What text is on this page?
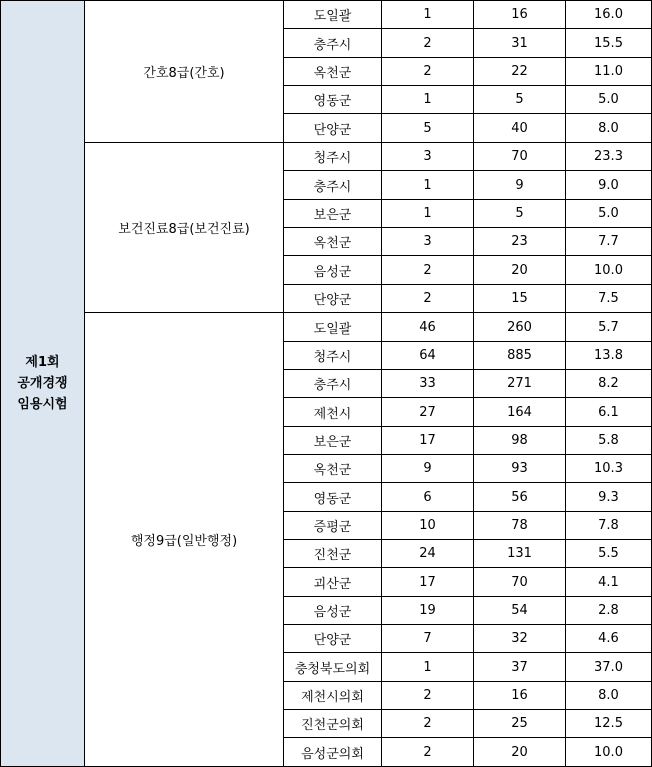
제1회
공개경쟁
임용시험	간호8급(간호)	도일괄	1	16	16.0
		충주시	2	31	15.5
		옥천군	2	22	11.0
		영동군	1	5	5.0
		단양군	5	40	8.0
	보건진료8급(보건진료)	청주시	3	70	23.3
		충주시	1	9	9.0
		보은군	1	5	5.0
		옥천군	3	23	7.7
		음성군	2	20	10.0
		단양군	2	15	7.5
	행정9급(일반행정)	도일괄	46	260	5.7
		청주시	64	885	13.8
		충주시	33	271	8.2
		제천시	27	164	6.1
		보은군	17	98	5.8
		옥천군	9	93	10.3
		영동군	6	56	9.3
		증평군	10	78	7.8
		진천군	24	131	5.5
		괴산군	17	70	4.1
		음성군	19	54	2.8
		단양군	7	32	4.6
		충청북도의회	1	37	37.0
		제천시의회	2	16	8.0
		진천군의회	2	25	12.5
		음성군의회	2	20	10.0
